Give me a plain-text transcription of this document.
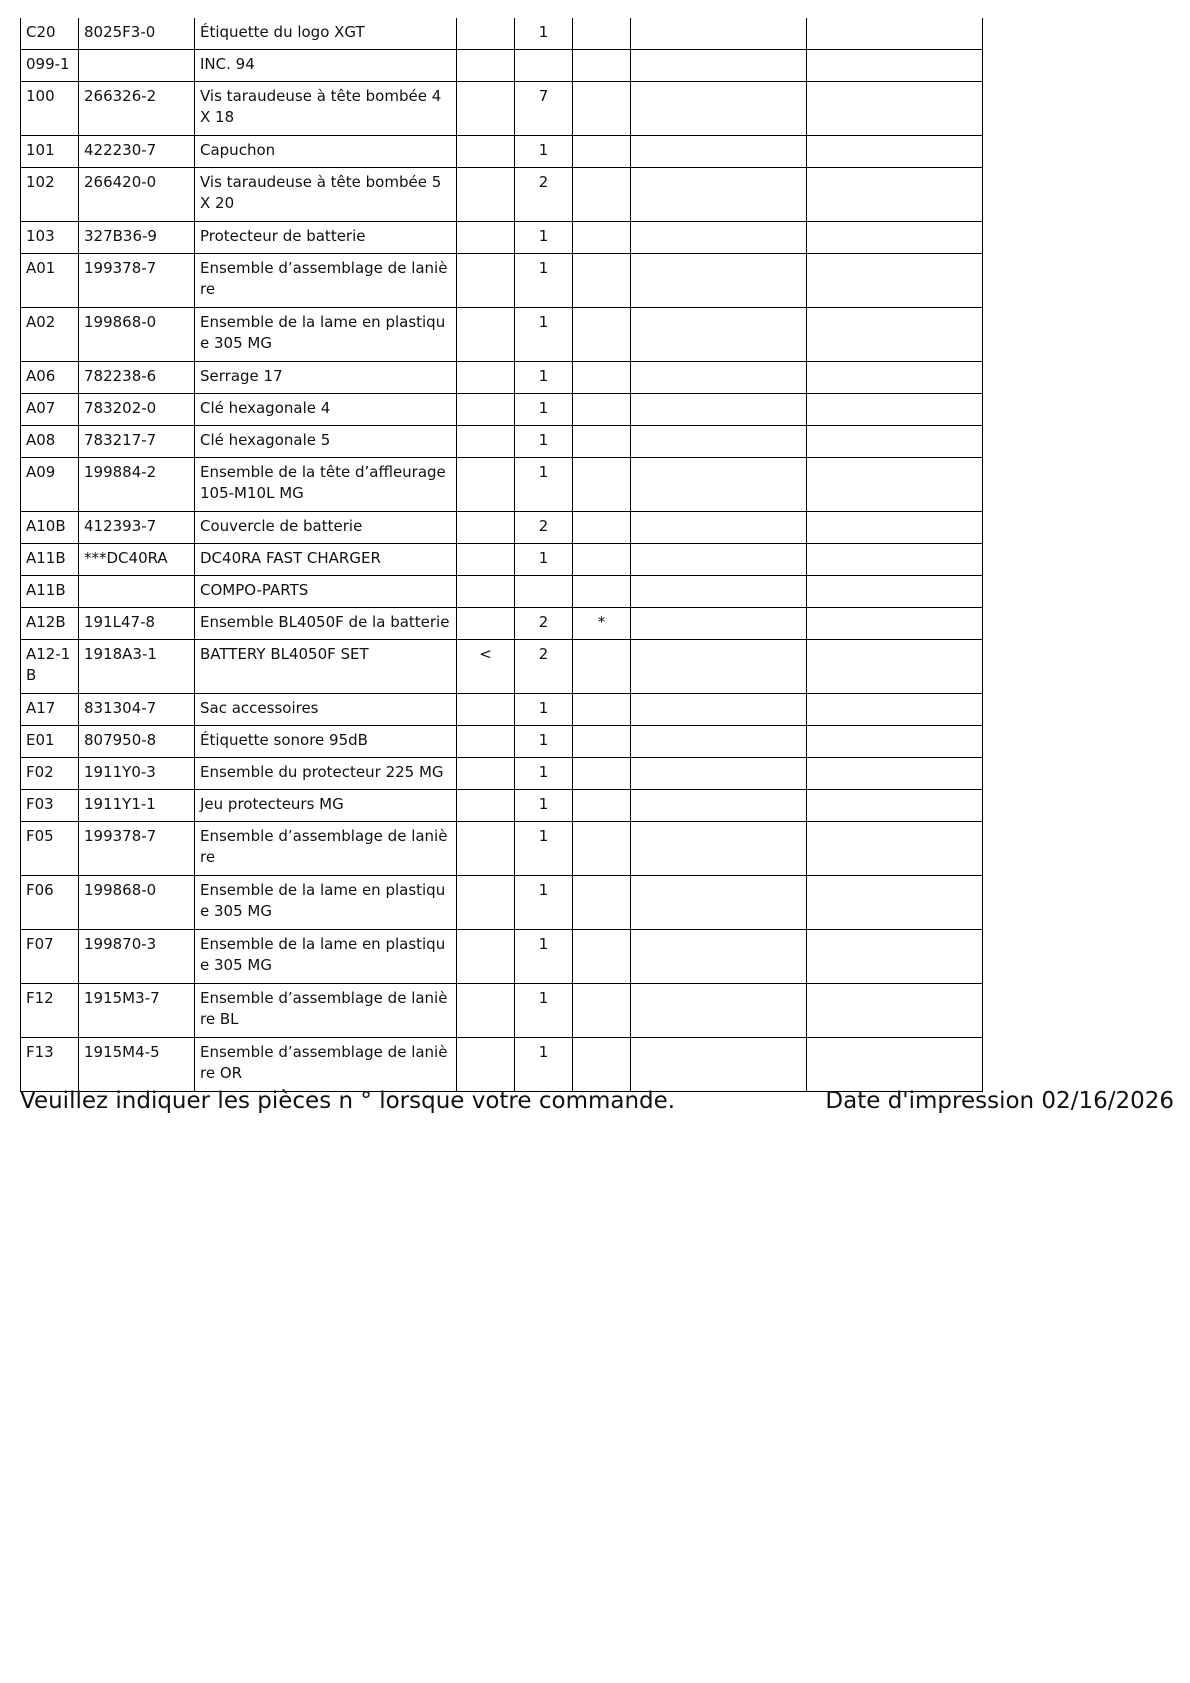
C20	8025F3-0	Étiquette du logo XGT		1			
099-1		INC. 94					
100	266326-2	Vis taraudeuse à tête bombée 4X 18		7			
101	422230-7	Capuchon		1			
102	266420-0	Vis taraudeuse à tête bombée 5X 20		2			
103	327B36-9	Protecteur de batterie		1			
A01	199378-7	Ensemble d’assemblage de lanière		1			
A02	199868-0	Ensemble de la lame en plastique 305 MG		1			
A06	782238-6	Serrage 17		1			
A07	783202-0	Clé hexagonale 4		1			
A08	783217-7	Clé hexagonale 5		1			
A09	199884-2	Ensemble de la tête d’affleurage 105-M10L MG		1			
A10B	412393-7	Couvercle de batterie		2			
A11B	***DC40RA	DC40RA FAST CHARGER		1			
A11B		COMPO-PARTS					
A12B	191L47-8	Ensemble BL4050F de la batterie		2	*		
A12-1B	1918A3-1	BATTERY BL4050F SET	<	2			
A17	831304-7	Sac accessoires		1			
E01	807950-8	Étiquette sonore 95dB		1			
F02	1911Y0-3	Ensemble du protecteur 225 MG		1			
F03	1911Y1-1	Jeu protecteurs MG		1			
F05	199378-7	Ensemble d’assemblage de lanière		1			
F06	199868-0	Ensemble de la lame en plastique 305 MG		1			
F07	199870-3	Ensemble de la lame en plastique 305 MG		1			
F12	1915M3-7	Ensemble d’assemblage de lanière BL		1			
F13	1915M4-5	Ensemble d’assemblage de lanière OR		1			
Veuillez indiquer les pièces n ° lorsque votre commande.	Date d'impression 02/16/2026
